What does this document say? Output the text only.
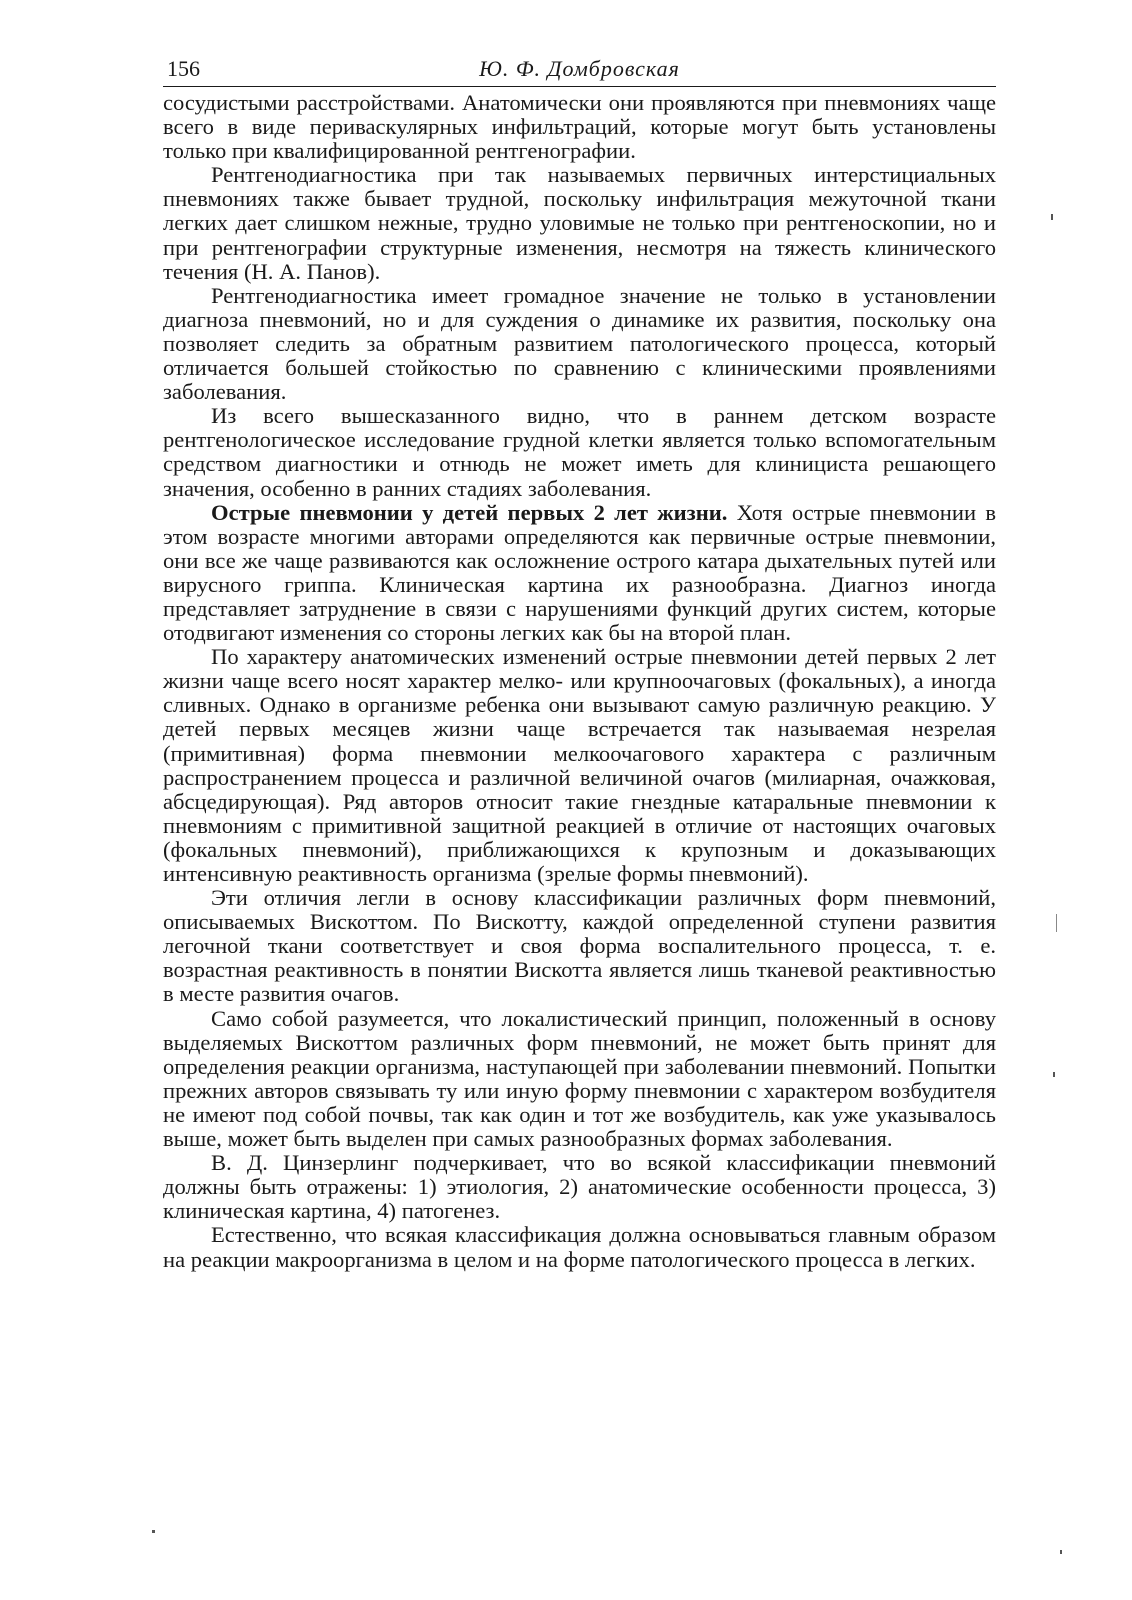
156	Ю. Ф. Домбровская

сосудистыми расстройствами. Анатомически они проявляются при пневмониях чаще всего в виде периваскулярных инфильтраций, которые могут быть установлены только при квалифицированной рентгенографии.

Рентгенодиагностика при так называемых первичных интерстициальных пневмониях также бывает трудной, поскольку инфильтрация межуточной ткани легких дает слишком нежные, трудно уловимые не только при рентгеноскопии, но и при рентгенографии структурные изменения, несмотря на тяжесть клинического течения (Н. А. Панов).

Рентгенодиагностика имеет громадное значение не только в установлении диагноза пневмоний, но и для суждения о динамике их развития, поскольку она позволяет следить за обратным развитием патологического процесса, который отличается большей стойкостью по сравнению с клиническими проявлениями заболевания.

Из всего вышесказанного видно, что в раннем детском возрасте рентгенологическое исследование грудной клетки является только вспомогательным средством диагностики и отнюдь не может иметь для клинициста решающего значения, особенно в ранних стадиях заболевания.

Острые пневмонии у детей первых 2 лет жизни. Хотя острые пневмонии в этом возрасте многими авторами определяются как первичные острые пневмонии, они все же чаще развиваются как осложнение острого катара дыхательных путей или вирусного гриппа. Клиническая картина их разнообразна. Диагноз иногда представляет затруднение в связи с нарушениями функций других систем, которые отодвигают изменения со стороны легких как бы на второй план.

По характеру анатомических изменений острые пневмонии детей первых 2 лет жизни чаще всего носят характер мелко- или крупноочаговых (фокальных), а иногда сливных. Однако в организме ребенка они вызывают самую различную реакцию. У детей первых месяцев жизни чаще встречается так называемая незрелая (примитивная) форма пневмонии мелкоочагового характера с различным распространением процесса и различной величиной очагов (милиарная, очажковая, абсцедирующая). Ряд авторов относит такие гнездные катаральные пневмонии к пневмониям с примитивной защитной реакцией в отличие от настоящих очаговых (фокальных пневмоний), приближающихся к крупозным и доказывающих интенсивную реактивность организма (зрелые формы пневмоний).

Эти отличия легли в основу классификации различных форм пневмоний, описываемых Вискоттом. По Вискотту, каждой определенной ступени развития легочной ткани соответствует и своя форма воспалительного процесса, т. е. возрастная реактивность в понятии Вискотта является лишь тканевой реактивностью в месте развития очагов.

Само собой разумеется, что локалистический принцип, положенный в основу выделяемых Вискоттом различных форм пневмоний, не может быть принят для определения реакции организма, наступающей при заболевании пневмоний. Попытки прежних авторов связывать ту или иную форму пневмонии с характером возбудителя не имеют под собой почвы, так как один и тот же возбудитель, как уже указывалось выше, может быть выделен при самых разнообразных формах заболевания.

В. Д. Цинзерлинг подчеркивает, что во всякой классификации пневмоний должны быть отражены: 1) этиология, 2) анатомические особенности процесса, 3) клиническая картина, 4) патогенез.

Естественно, что всякая классификация должна основываться главным образом на реакции макроорганизма в целом и на форме патологического процесса в легких.
